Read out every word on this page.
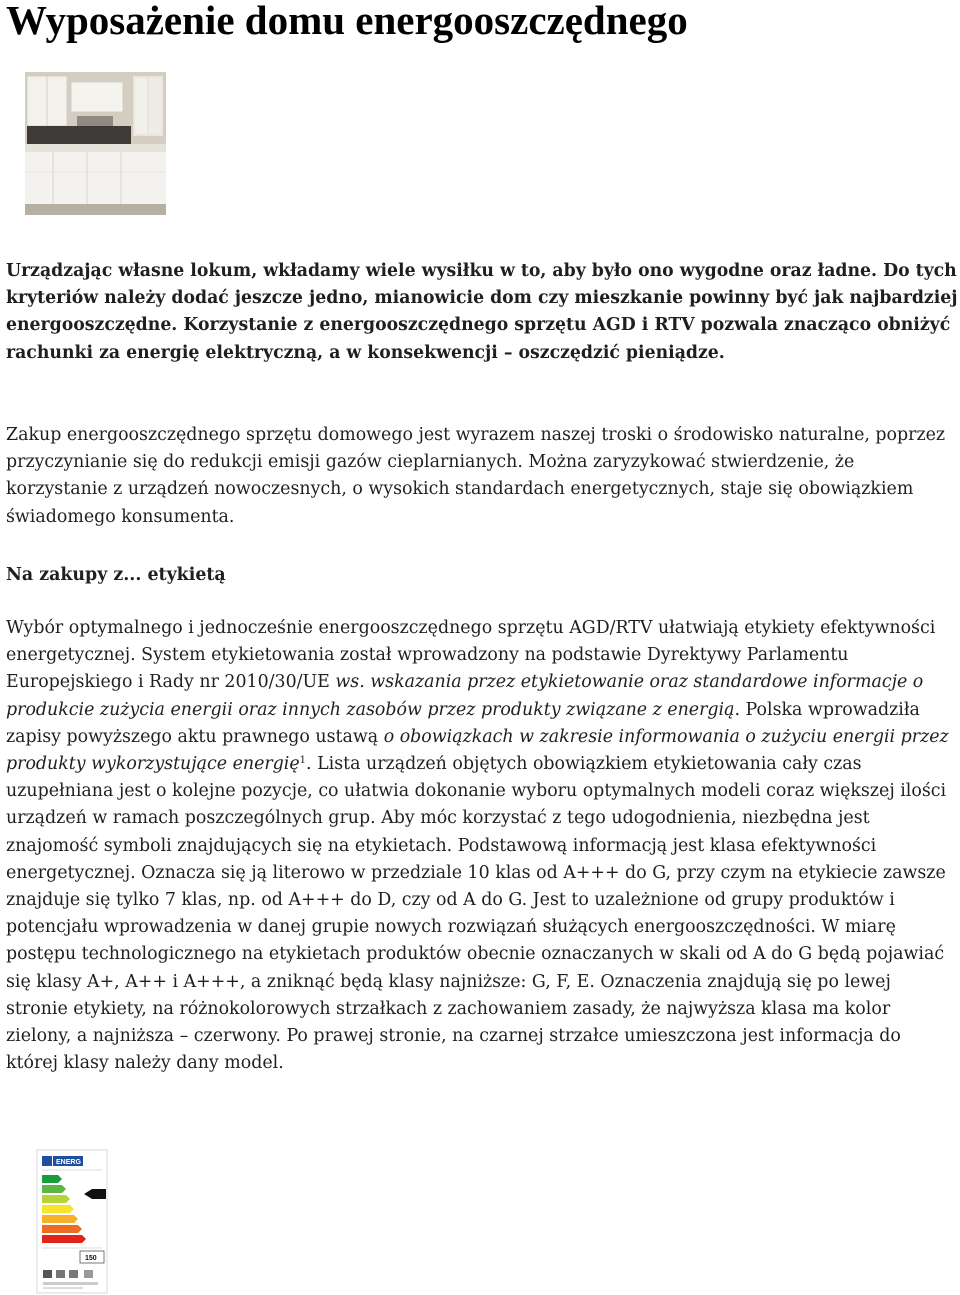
Wyposażenie domu energooszczędnego

Urządzając własne lokum, wkładamy wiele wysiłku w to, aby było ono wygodne oraz ładne. Do tych kryteriów należy dodać jeszcze jedno, mianowicie dom czy mieszkanie powinny być jak najbardziej energooszczędne. Korzystanie z energooszczędnego sprzętu AGD i RTV pozwala znacząco obniżyć rachunki za energię elektryczną, a w konsekwencji – oszczędzić pieniądze.

Zakup energooszczędnego sprzętu domowego jest wyrazem naszej troski o środowisko naturalne, poprzez przyczynianie się do redukcji emisji gazów cieplarnianych. Można zaryzykować stwierdzenie, że korzystanie z urządzeń nowoczesnych, o wysokich standardach energetycznych, staje się obowiązkiem świadomego konsumenta.

Na zakupy z... etykietą

Wybór optymalnego i jednocześnie energooszczędnego sprzętu AGD/RTV ułatwiają etykiety efektywności energetycznej. System etykietowania został wprowadzony na podstawie Dyrektywy Parlamentu Europejskiego i Rady nr 2010/30/UE ws. wskazania przez etykietowanie oraz standardowe informacje o produkcie zużycia energii oraz innych zasobów przez produkty związane z energią. Polska wprowadziła zapisy powyższego aktu prawnego ustawą o obowiązkach w zakresie informowania o zużyciu energii przez produkty wykorzystujące energię$^1$. Lista urządzeń objętych obowiązkiem etykietowania cały czas uzupełniana jest o kolejne pozycje, co ułatwia dokonanie wyboru optymalnych modeli coraz większej ilości urządzeń w ramach poszczególnych grup. Aby móc korzystać z tego udogodnienia, niezbędna jest znajomość symboli znajdujących się na etykietach. Podstawową informacją jest klasa efektywności energetycznej. Oznacza się ją literowo w przedziale 10 klas od A+++ do G, przy czym na etykiecie zawsze znajduje się tylko 7 klas, np. od A+++ do D, czy od A do G. Jest to uzależnione od grupy produktów i potencjału wprowadzenia w danej grupie nowych rozwiązań służących energooszczędności. W miarę postępu technologicznego na etykietach produktów obecnie oznaczanych w skali od A do G będą pojawiać się klasy A+, A++ i A+++, a zniknąć będą klasy najniższe: G, F, E. Oznaczenia znajdują się po lewej stronie etykiety, na różnokolorowych strzałkach z zachowaniem zasady, że najwyższa klasa ma kolor zielony, a najniższa – czerwony. Po prawej stronie, na czarnej strzałce umieszczona jest informacja do której klasy należy dany model.

ENERG
150
